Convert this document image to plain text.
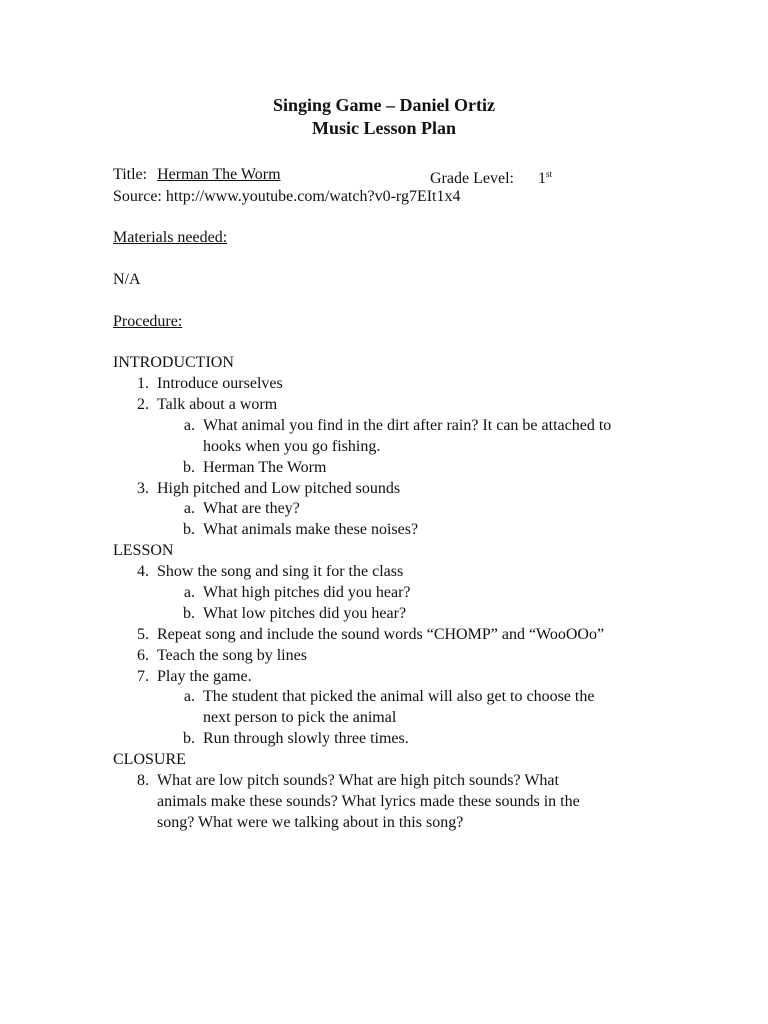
Singing Game – Daniel Ortiz
Music Lesson Plan
Title: Herman The Worm	Grade Level: 1st
Source: http://www.youtube.com/watch?v0-rg7EIt1x4
Materials needed:
N/A
Procedure:
INTRODUCTION
1. Introduce ourselves
2. Talk about a worm
a. What animal you find in the dirt after rain? It can be attached to
hooks when you go fishing.
b. Herman The Worm
3. High pitched and Low pitched sounds
a. What are they?
b. What animals make these noises?
LESSON
4. Show the song and sing it for the class
a. What high pitches did you hear?
b. What low pitches did you hear?
5. Repeat song and include the sound words “CHOMP” and “WooOOo”
6. Teach the song by lines
7. Play the game.
a. The student that picked the animal will also get to choose the
next person to pick the animal
b. Run through slowly three times.
CLOSURE
8. What are low pitch sounds? What are high pitch sounds? What
animals make these sounds? What lyrics made these sounds in the
song? What were we talking about in this song?
